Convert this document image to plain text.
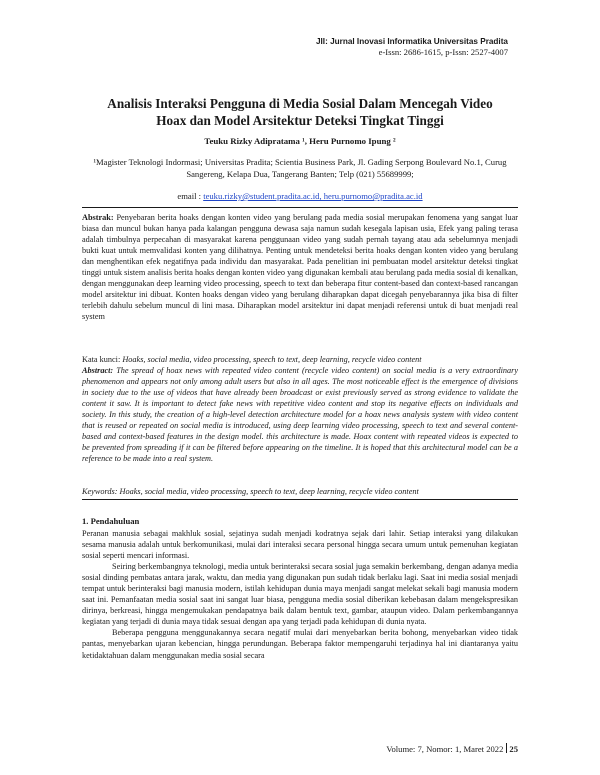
JII: Jurnal Inovasi Informatika Universitas Pradita
e-Issn: 2686-1615, p-Issn: 2527-4007
Analisis Interaksi Pengguna di Media Sosial Dalam Mencegah Video Hoax dan Model Arsitektur Deteksi Tingkat Tinggi
Teuku Rizky Adipratama ¹, Heru Purnomo Ipung ²
¹Magister Teknologi Indormasi; Universitas Pradita; Scientia Business Park, Jl. Gading Serpong Boulevard No.1, Curug Sangereng, Kelapa Dua, Tangerang Banten; Telp (021) 55689999;
email : teuku.rizky@student.pradita.ac.id, heru.purnomo@pradita.ac.id
Abstrak: Penyebaran berita hoaks dengan konten video yang berulang pada media sosial merupakan fenomena yang sangat luar biasa dan muncul bukan hanya pada kalangan pengguna dewasa saja namun sudah kesegala lapisan usia, Efek yang paling terasa adalah timbulnya perpecahan di masyarakat karena penggunaan video yang sudah pernah tayang atau ada sebelumnya menjadi bukti kuat untuk memvalidasi konten yang dilihatnya. Penting untuk mendeteksi berita hoaks dengan konten video yang berulang dan menghentikan efek negatifnya pada individu dan masyarakat. Pada penelitian ini pembuatan model arsitektur deteksi tingkat tinggi untuk sistem analisis berita hoaks dengan konten video yang digunakan kembali atau berulang pada media sosial di kenalkan, dengan menggunakan deep learning video processing, speech to text dan beberapa fitur content-based dan context-based rancangan model arsitektur ini dibuat. Konten hoaks dengan video yang berulang diharapkan dapat dicegah penyebarannya jika bisa di filter terlebih dahulu sebelum muncul di lini masa. Diharapkan model arsitektur ini dapat menjadi referensi untuk di buat menjadi real system
Kata kunci: Hoaks, social media, video processing, speech to text, deep learning, recycle video content
Abstract: The spread of hoax news with repeated video content (recycle video content) on social media is a very extraordinary phenomenon and appears not only among adult users but also in all ages. The most noticeable effect is the emergence of divisions in society due to the use of videos that have already been broadcast or exist previously served as strong evidence to validate the content it saw. It is important to detect fake news with repetitive video content and stop its negative effects on individuals and society. In this study, the creation of a high-level detection architecture model for a hoax news analysis system with video content that is reused or repeated on social media is introduced, using deep learning video processing, speech to text and several content-based and context-based features in the design model. this architecture is made. Hoax content with repeated videos is expected to be prevented from spreading if it can be filtered before appearing on the timeline. It is hoped that this architectural model can be a reference to be made into a real system.
Keywords: Hoaks, social media, video processing, speech to text, deep learning, recycle video content
1. Pendahuluan

Peranan manusia sebagai makhluk sosial, sejatinya sudah menjadi kodratnya sejak dari lahir. Setiap interaksi yang dilakukan sesama manusia adalah untuk berkomunikasi, mulai dari interaksi secara personal hingga secara umum untuk pemenuhan kegiatan sosial seperti mencari informasi.

Seiring berkembangnya teknologi, media untuk berinteraksi secara sosial juga semakin berkembang, dengan adanya media sosial dinding pembatas antara jarak, waktu, dan media yang digunakan pun sudah tidak berlaku lagi. Saat ini media sosial menjadi tempat untuk berinteraksi bagi manusia modern, istilah kehidupan dunia maya menjadi sangat melekat sekali bagi manusia modern saat ini. Pemanfaatan media sosial saat ini sangat luar biasa, pengguna media sosial diberikan kebebasan dalam mengekspresikan dirinya, berkreasi, hingga mengemukakan pendapatnya baik dalam bentuk text, gambar, ataupun video. Dalam perkembangannya kegiatan yang terjadi di dunia maya tidak sesuai dengan apa yang terjadi pada kehidupan di dunia nyata.

Beberapa pengguna menggunakannya secara negatif mulai dari menyebarkan berita bohong, menyebarkan video tidak pantas, menyebarkan ujaran kebencian, hingga perundungan. Beberapa faktor mempengaruhi terjadinya hal ini diantaranya yaitu ketidaktahuan dalam menggunakan media sosial secara

Volume: 7, Nomor: 1, Maret 2022 25
